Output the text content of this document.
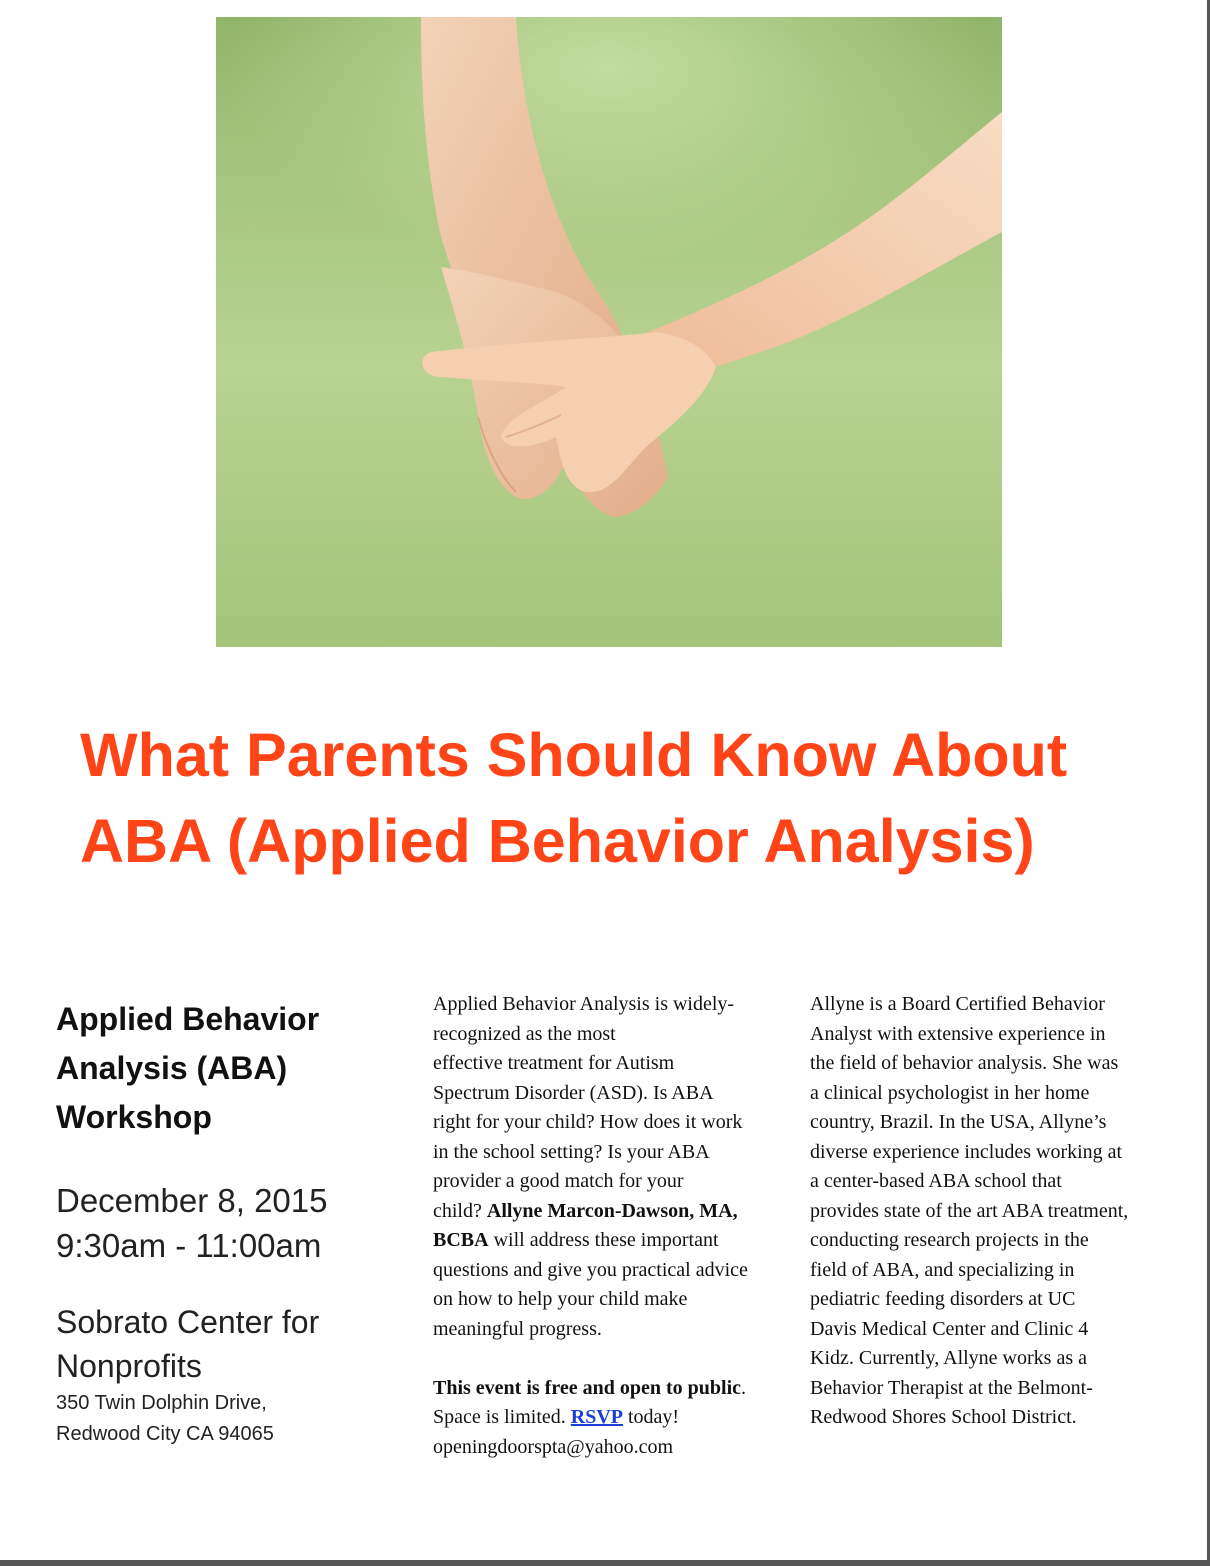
What Parents Should Know About
ABA (Applied Behavior Analysis)
Applied Behavior
Analysis (ABA)
Workshop
December 8, 2015
9:30am - 11:00am
Sobrato Center for
Nonprofits
350 Twin Dolphin Drive,
Redwood City CA 94065

Applied Behavior Analysis is widely-

recognized as the most

effective treatment for Autism

Spectrum Disorder (ASD). Is ABA

right for your child? How does it work

in the school setting? Is your ABA

provider a good match for your

child? Allyne Marcon-Dawson, MA,

BCBA will address these important

questions and give you practical advice

on how to help your child make

meaningful progress.

This event is free and open to public.

Space is limited. RSVP today!

openingdoorspta@yahoo.com

Allyne is a Board Certified Behavior

Analyst with extensive experience in

the field of behavior analysis. She was

a clinical psychologist in her home

country, Brazil. In the USA, Allyne’s

diverse experience includes working at

a center-based ABA school that

provides state of the art ABA treatment,

conducting research projects in the

field of ABA, and specializing in

pediatric feeding disorders at UC

Davis Medical Center and Clinic 4

Kidz. Currently, Allyne works as a

Behavior Therapist at the Belmont-

Redwood Shores School District.
